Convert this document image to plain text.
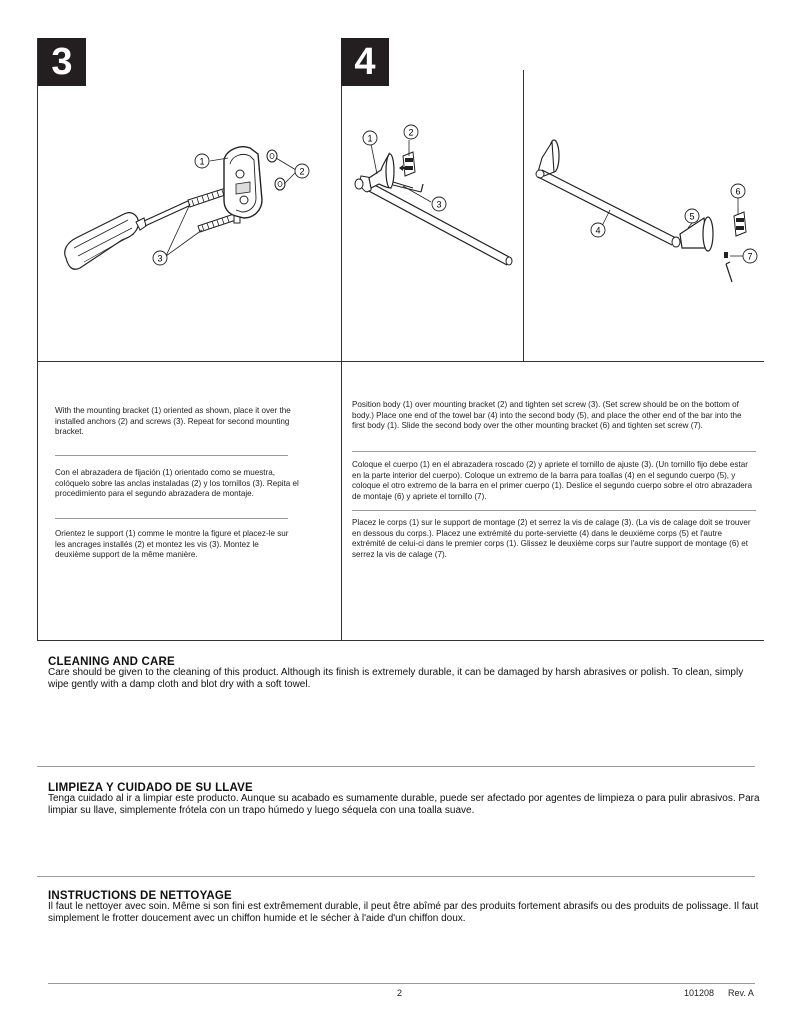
3	4
1
2
3
1
2
3
4
5
6
7
With the mounting bracket (1) oriented as shown, place it over the installed anchors (2) and screws (3). Repeat for second mounting bracket.
Con el abrazadera de fijación (1) orientado como se muestra, colóquelo sobre las anclas instaladas (2) y los tornillos (3). Repita el procedimiento para el segundo abrazadera de montaje.
Orientez le support (1) comme le montre la figure et placez-le sur les ancrages installés (2) et montez les vis (3). Montez le deuxième support de la même manière.
Position body (1) over mounting bracket (2) and tighten set screw (3). (Set screw should be on the bottom of body.) Place one end of the towel bar (4) into the second body (5), and place the other end of the bar into the first body (1). Slide the second body over the other mounting bracket (6) and tighten set screw (7).
Coloque el cuerpo (1) en el abrazadera roscado (2) y apriete el tornillo de ajuste (3). (Un tornillo fijo debe estar en la parte interior del cuerpo). Coloque un extremo de la barra para toallas (4) en el segundo cuerpo (5), y coloque el otro extremo de la barra en el primer cuerpo (1). Deslice el segundo cuerpo sobre el otro abrazadera de montaje (6) y apriete el tornillo (7).
Placez le corps (1) sur le support de montage (2) et serrez la vis de calage (3). (La vis de calage doit se trouver en dessous du corps.). Placez une extrémité du porte-serviette (4) dans le deuxième corps (5) et l'autre extrémité de celui-ci dans le premier corps (1). Glissez le deuxième corps sur l'autre support de montage (6) et serrez la vis de calage (7).
CLEANING AND CARE
Care should be given to the cleaning of this product. Although its finish is extremely durable, it can be damaged by harsh abrasives or polish. To clean, simply wipe gently with a damp cloth and blot dry with a soft towel.
LIMPIEZA Y CUIDADO DE SU LLAVE
Tenga cuidado al ir a limpiar este producto. Aunque su acabado es sumamente durable, puede ser afectado por agentes de limpieza o para pulir abrasivos. Para limpiar su llave, simplemente frótela con un trapo húmedo y luego séquela con una toalla suave.
INSTRUCTIONS DE NETTOYAGE
Il faut le nettoyer avec soin. Même si son fini est extrêmement durable, il peut être abîmé par des produits fortement abrasifs ou des produits de polissage. Il faut simplement le frotter doucement avec un chiffon humide et le sécher à l'aide d'un chiffon doux.
2	101208 Rev. A
